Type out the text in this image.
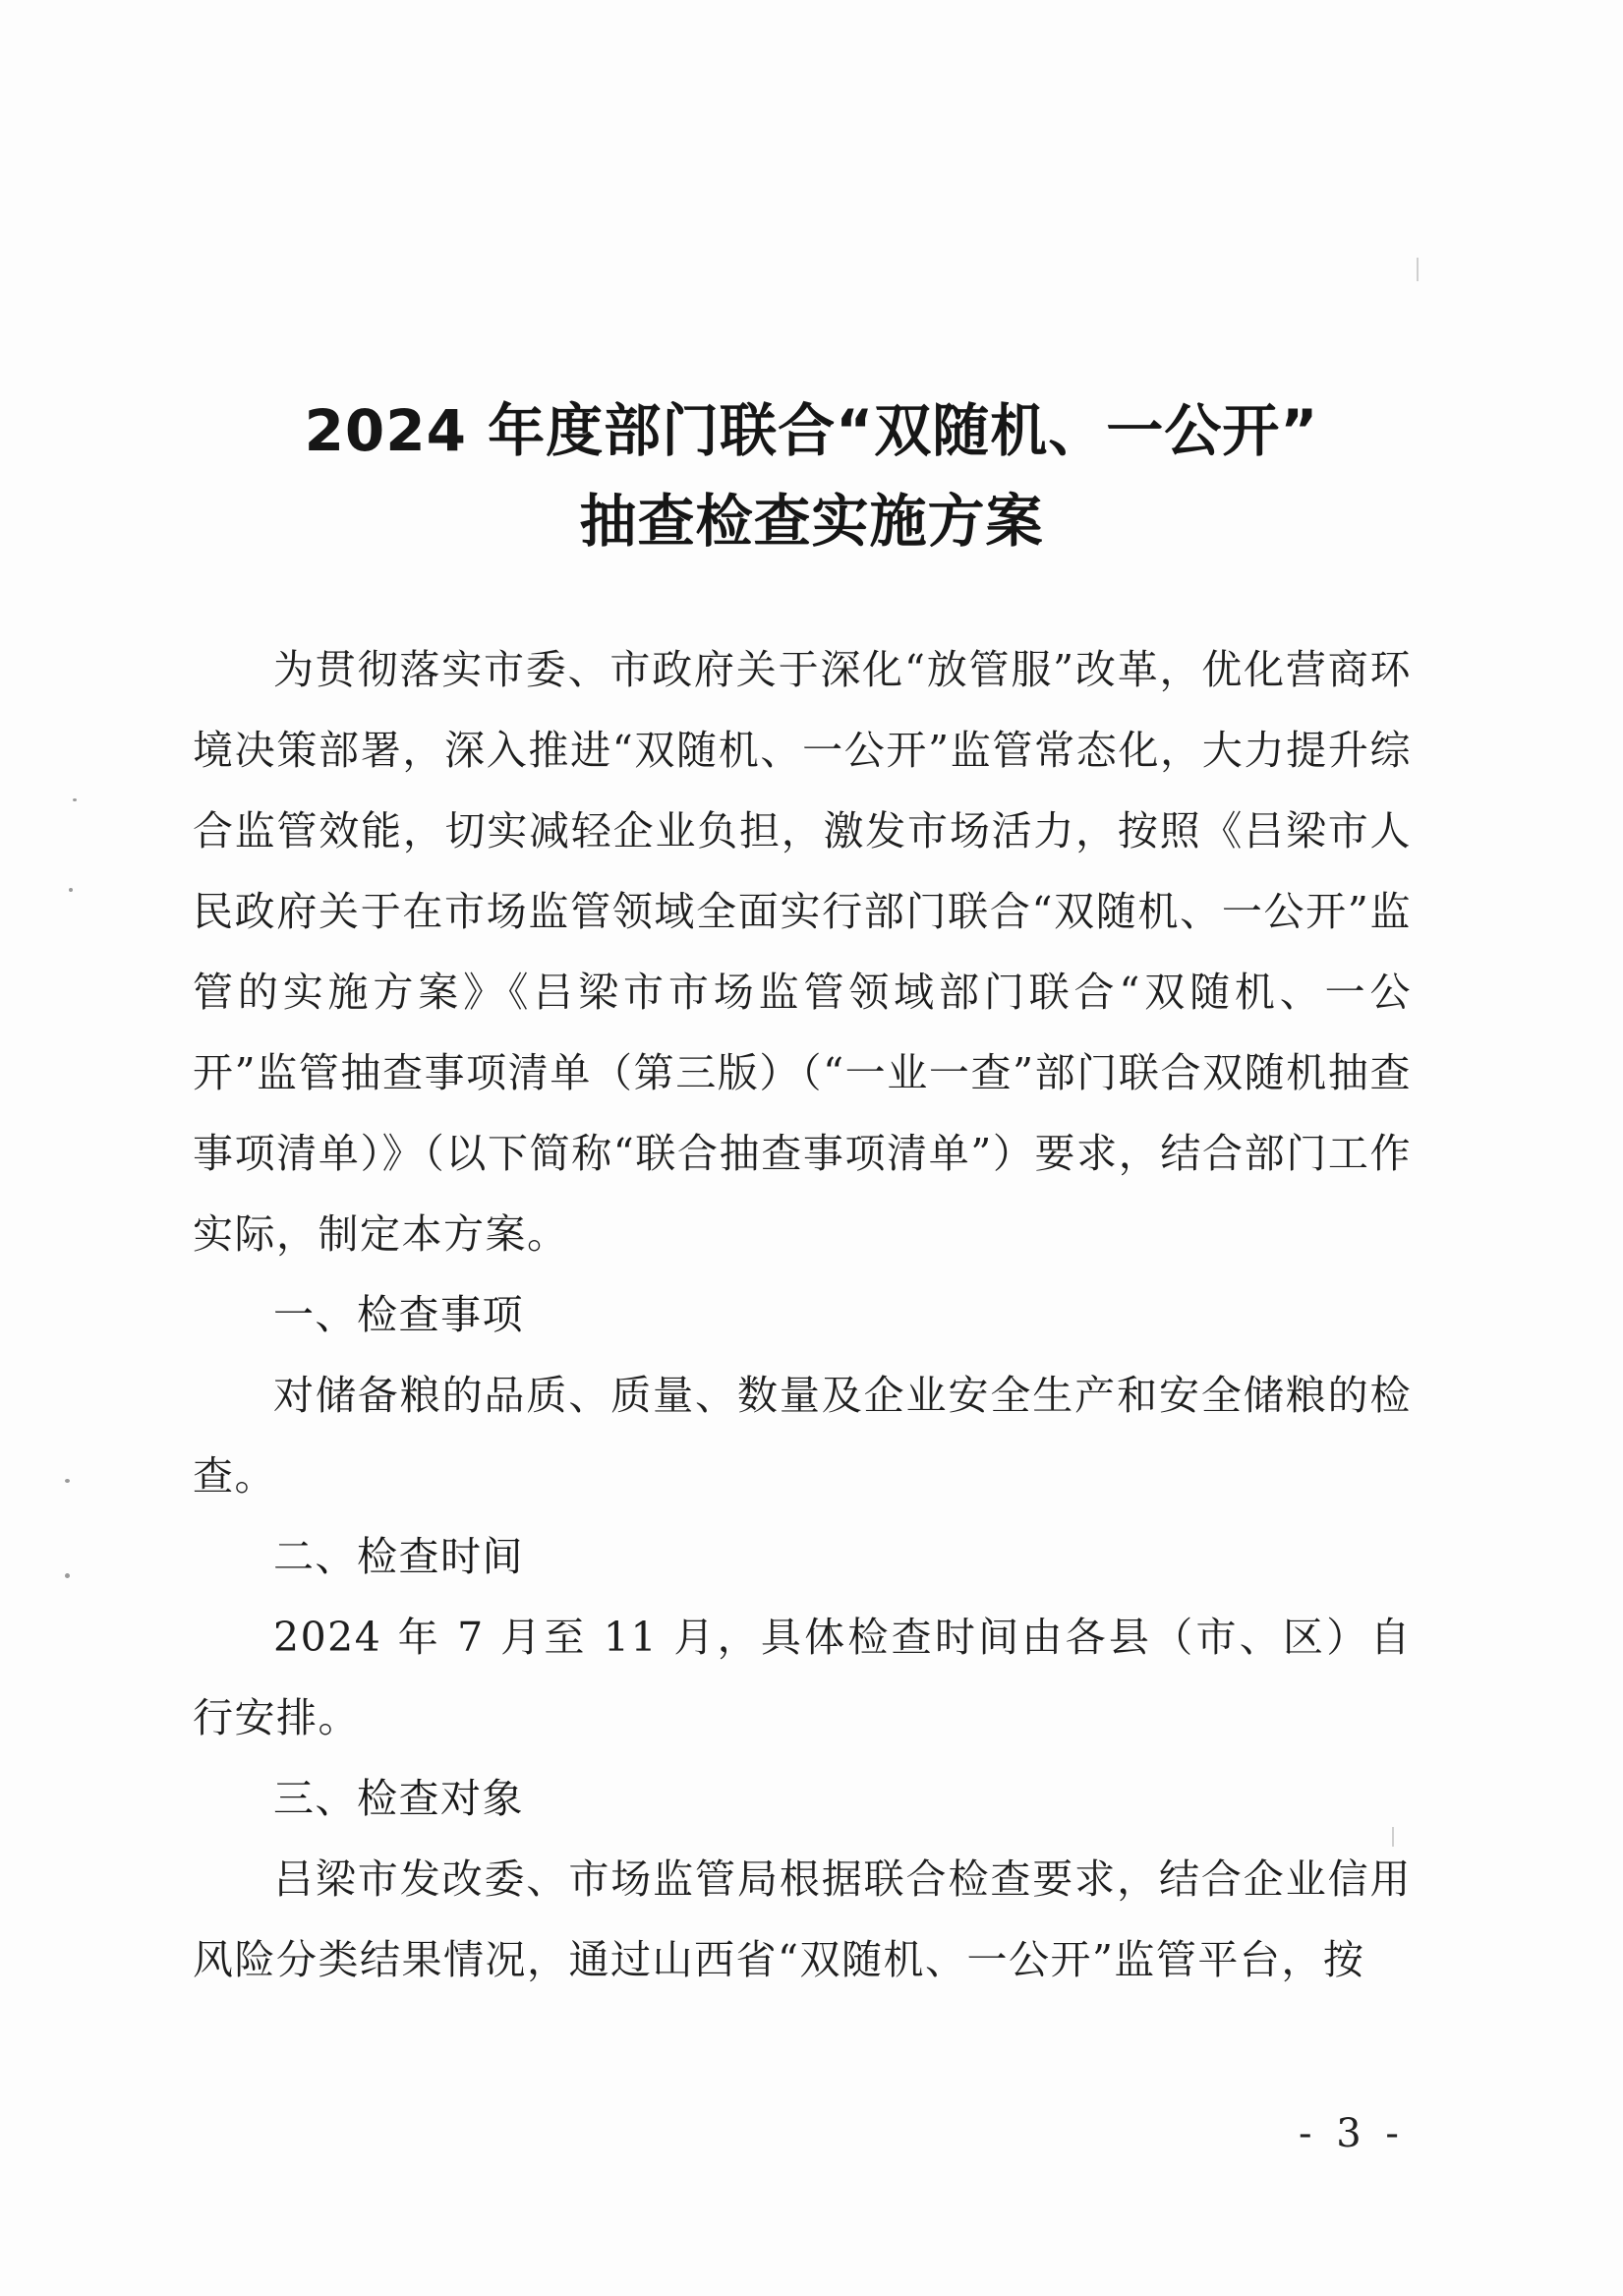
2024 年度部门联合“双随机、一公开”
抽查检查实施方案

为贯彻落实市委、市政府关于深化“放管服”改革，优化营商环境决策部署，深入推进“双随机、一公开”监管常态化，大力提升综合监管效能，切实减轻企业负担，激发市场活力，按照《吕梁市人民政府关于在市场监管领域全面实行部门联合“双随机、一公开”监管的实施方案》《吕梁市市场监管领域部门联合“双随机、一公开”监管抽查事项清单（第三版）（“一业一查”部门联合双随机抽查事项清单）》（以下简称“联合抽查事项清单”）要求，结合部门工作实际，制定本方案。

一、检查事项

对储备粮的品质、质量、数量及企业安全生产和安全储粮的检查。

二、检查时间

2024 年 7 月至 11 月，具体检查时间由各县（市、区）自行安排。

三、检查对象

吕梁市发改委、市场监管局根据联合检查要求，结合企业信用风险分类结果情况，通过山西省“双随机、一公开”监管平台，按

- 3 -
